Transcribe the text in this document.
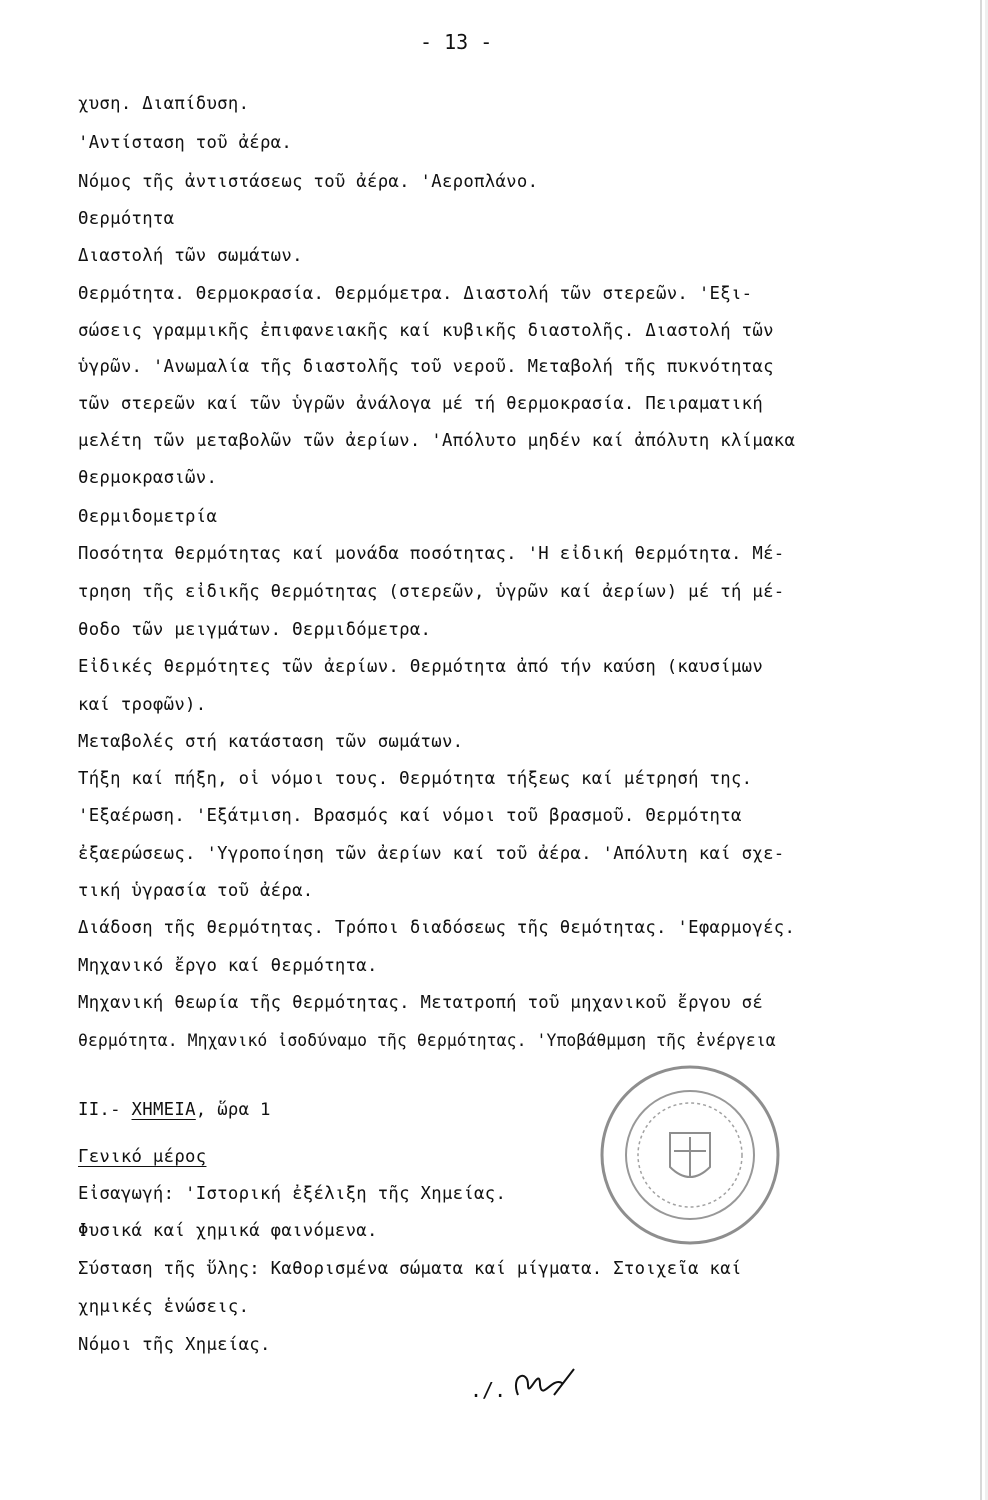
- 13 -

χυση. Διαπίδυση.

'Αντίσταση τοῦ ἀέρα.

Νόμος τῆς ἀντιστάσεως τοῦ ἀέρα. 'Αεροπλάνο.

Θερμότητα

Διαστολή τῶν σωμάτων.

Θερμότητα. Θερμοκρασία. Θερμόμετρα. Διαστολή τῶν στερεῶν. 'Εξι-

σώσεις γραμμικῆς ἐπιφανειακῆς καί κυβικῆς διαστολῆς. Διαστολή τῶν

ὑγρῶν. 'Ανωμαλία τῆς διαστολῆς τοῦ νεροῦ. Μεταβολή τῆς πυκνότητας

τῶν στερεῶν καί τῶν ὑγρῶν ἀνάλογα μέ τή θερμοκρασία. Πειραματική

μελέτη τῶν μεταβολῶν τῶν ἀερίων. 'Απόλυτο μηδέν καί ἀπόλυτη κλίμακα

θερμοκρασιῶν.

Θερμιδομετρία

Ποσότητα θερμότητας καί μονάδα ποσότητας. 'Η εἰδική θερμότητα. Μέ-

τρηση τῆς εἰδικῆς θερμότητας (στερεῶν, ὑγρῶν καί ἀερίων) μέ τή μέ-

θοδο τῶν μειγμάτων. Θερμιδόμετρα.

Εἰδικές θερμότητες τῶν ἀερίων. Θερμότητα ἀπό τήν καύση (καυσίμων

καί τροφῶν).

Μεταβολές στή κατάσταση τῶν σωμάτων.

Τήξη καί πήξη, οἱ νόμοι τους. Θερμότητα τήξεως καί μέτρησή της.

'Εξαέρωση. 'Εξάτμιση. Βρασμός καί νόμοι τοῦ βρασμοῦ. Θερμότητα

ἐξαερώσεως. 'Υγροποίηση τῶν ἀερίων καί τοῦ ἀέρα. 'Απόλυτη καί σχε-

τική ὑγρασία τοῦ ἀέρα.

Διάδοση τῆς θερμότητας. Τρόποι διαδόσεως τῆς θεμότητας. 'Εφαρμογές.

Μηχανικό ἔργο καί θερμότητα.

Μηχανική θεωρία τῆς θερμότητας. Μετατροπή τοῦ μηχανικοῦ ἔργου σέ

θερμότητα. Μηχανικό ἰσοδύναμο τῆς θερμότητας. 'Υποβάθμμση τῆς ἐνέργεια

ΙΙ.- ΧΗΜΕΙΑ, ὥρα 1

Γενικό μέρος

Εἰσαγωγή: 'Ιστορική ἐξέλιξη τῆς Χημείας.

Φυσικά καί χημικά φαινόμενα.

Σύσταση τῆς ὕλης: Καθορισμένα σώματα καί μίγματα. Στοιχεῖα καί

χημικές ἑνώσεις.

Νόμοι τῆς Χημείας.

./.
